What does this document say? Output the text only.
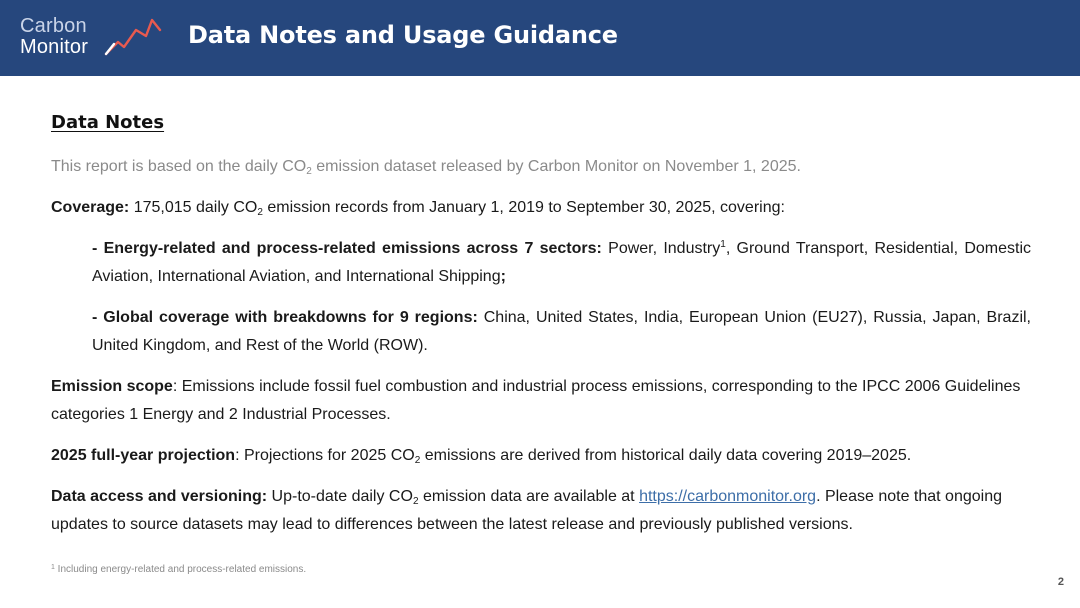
Carbon
Monitor	Data Notes and Usage Guidance
Data Notes

This report is based on the daily $CO_2$ emission dataset released by Carbon Monitor on November 1, 2025.

Coverage: 175,015 daily $CO_2$ emission records from January 1, 2019 to September 30, 2025, covering:

- Energy-related and process-related emissions across 7 sectors: Power, Industry$^1$, Ground Transport, Residential, Domestic Aviation, International Aviation, and International Shipping;

- Global coverage with breakdowns for 9 regions: China, United States, India, European Union (EU27), Russia, Japan, Brazil, United Kingdom, and Rest of the World (ROW).

Emission scope: Emissions include fossil fuel combustion and industrial process emissions, corresponding to the IPCC 2006 Guidelines categories 1 Energy and 2 Industrial Processes.

2025 full-year projection: Projections for 2025 $CO_2$ emissions are derived from historical daily data covering 2019–2025.

Data access and versioning: Up-to-date daily $CO_2$ emission data are available at https://carbonmonitor.org. Please note that ongoing updates to source datasets may lead to differences between the latest release and previously published versions.

$^1$ Including energy-related and process-related emissions.
2
